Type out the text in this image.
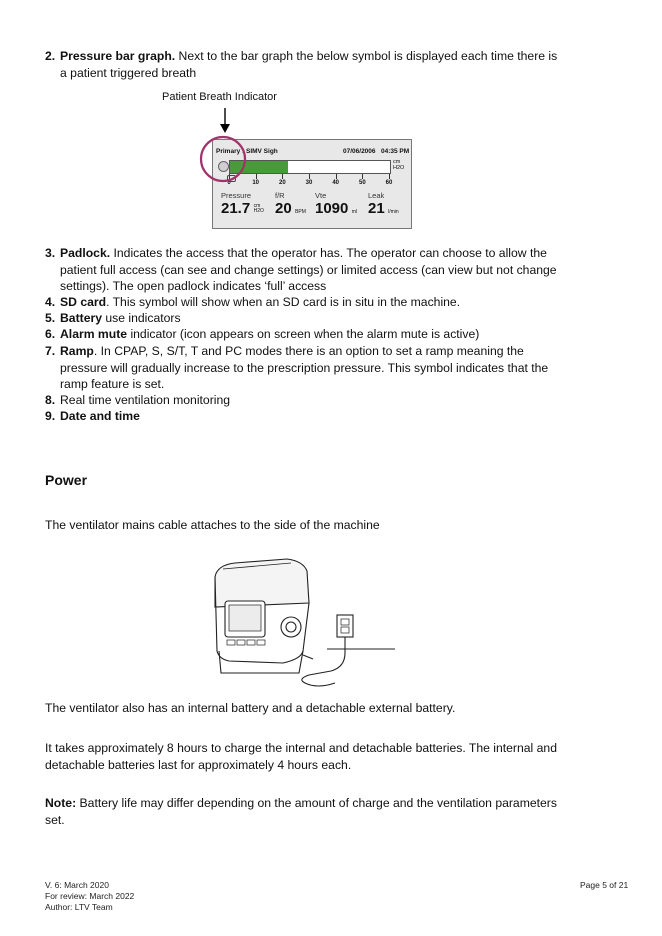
2. Pressure bar graph. Next to the bar graph the below symbol is displayed each time there is a patient triggered breath
Patient Breath Indicator
Primary : SIMV Sigh	07/06/2006 04:35 PM
cm
H2O
0	10	20	30	40	50	60
Pressure
21.7 cm
H2O
f/R
20 BPM
Vte
1090 ml
Leak
21 l/min
3. Padlock. Indicates the access that the operator has. The operator can choose to allow the patient full access (can see and change settings) or limited access (can view but not change settings). The open padlock indicates ‘full’ access
4. SD card. This symbol will show when an SD card is in situ in the machine.
5. Battery use indicators
6. Alarm mute indicator (icon appears on screen when the alarm mute is active)
7. Ramp. In CPAP, S, S/T, T and PC modes there is an option to set a ramp meaning the pressure will gradually increase to the prescription pressure. This symbol indicates that the ramp feature is set.
8. Real time ventilation monitoring
9. Date and time
Power
The ventilator mains cable attaches to the side of the machine
The ventilator also has an internal battery and a detachable external battery.
It takes approximately 8 hours to charge the internal and detachable batteries. The internal and detachable batteries last for approximately 4 hours each.
Note: Battery life may differ depending on the amount of charge and the ventilation parameters set.
V. 6: March 2020
For review: March 2022
Author: LTV Team
Page 5 of 21
